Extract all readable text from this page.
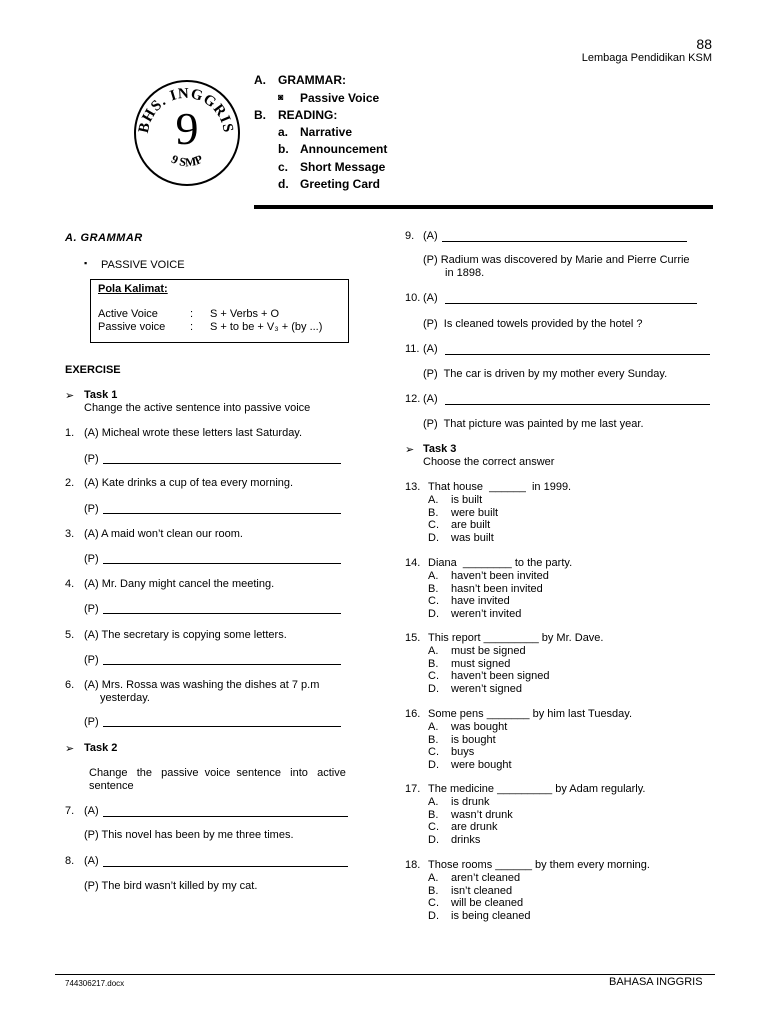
88
Lembaga Pendidikan KSM
BHS. INGGRIS
9 SMP
9
A. GRAMMAR:
◙ Passive Voice
B. READING:
a. Narrative
b. Announcement
c. Short Message
d. Greeting Card
A. GRAMMAR
▪ PASSIVE VOICE
Pola Kalimat:
Active Voice	: S + Verbs + O
Passive voice : S + to be + V₃ + (by ...)
EXERCISE
➢ Task 1
Change the active sentence into passive voice
1. (A) Micheal wrote these letters last Saturday.
(P)
2. (A) Kate drinks a cup of tea every morning.
(P)
3. (A) A maid won’t clean our room.
(P)
4. (A) Mr. Dany might cancel the meeting.
(P)
5. (A) The secretary is copying some letters.
(P)
6. (A) Mrs. Rossa was washing the dishes at 7 p.m
yesterday.
(P)
➢ Task 2
Change   the   passive  voice  sentence   into   active
sentence
7. (A)
(P) This novel has been by me three times.
8. (A)
(P) The bird wasn’t killed by my cat.
9. (A)
(P) Radium was discovered by Marie and Pierre Currie
in 1898.
10. (A)
(P)  Is cleaned towels provided by the hotel ?
11. (A)
(P)  The car is driven by my mother every Sunday.
12. (A)
(P)  That picture was painted by me last year.
➢ Task 3
Choose the correct answer
13. That house  ______  in 1999.
A. is built
B. were built
C. are built
D. was built
14. Diana  ________ to the party.
A. haven’t been invited
B. hasn’t been invited
C. have invited
D. weren’t invited
15. This report _________ by Mr. Dave.
A. must be signed
B. must signed
C. haven’t been signed
D. weren’t signed
16. Some pens _______ by him last Tuesday.
A. was bought
B. is bought
C. buys
D. were bought
17. The medicine _________ by Adam regularly.
A. is drunk
B. wasn’t drunk
C. are drunk
D. drinks
18. Those rooms ______ by them every morning.
A. aren’t cleaned
B. isn’t cleaned
C. will be cleaned
D. is being cleaned
744306217.docx	BAHASA INGGRIS
